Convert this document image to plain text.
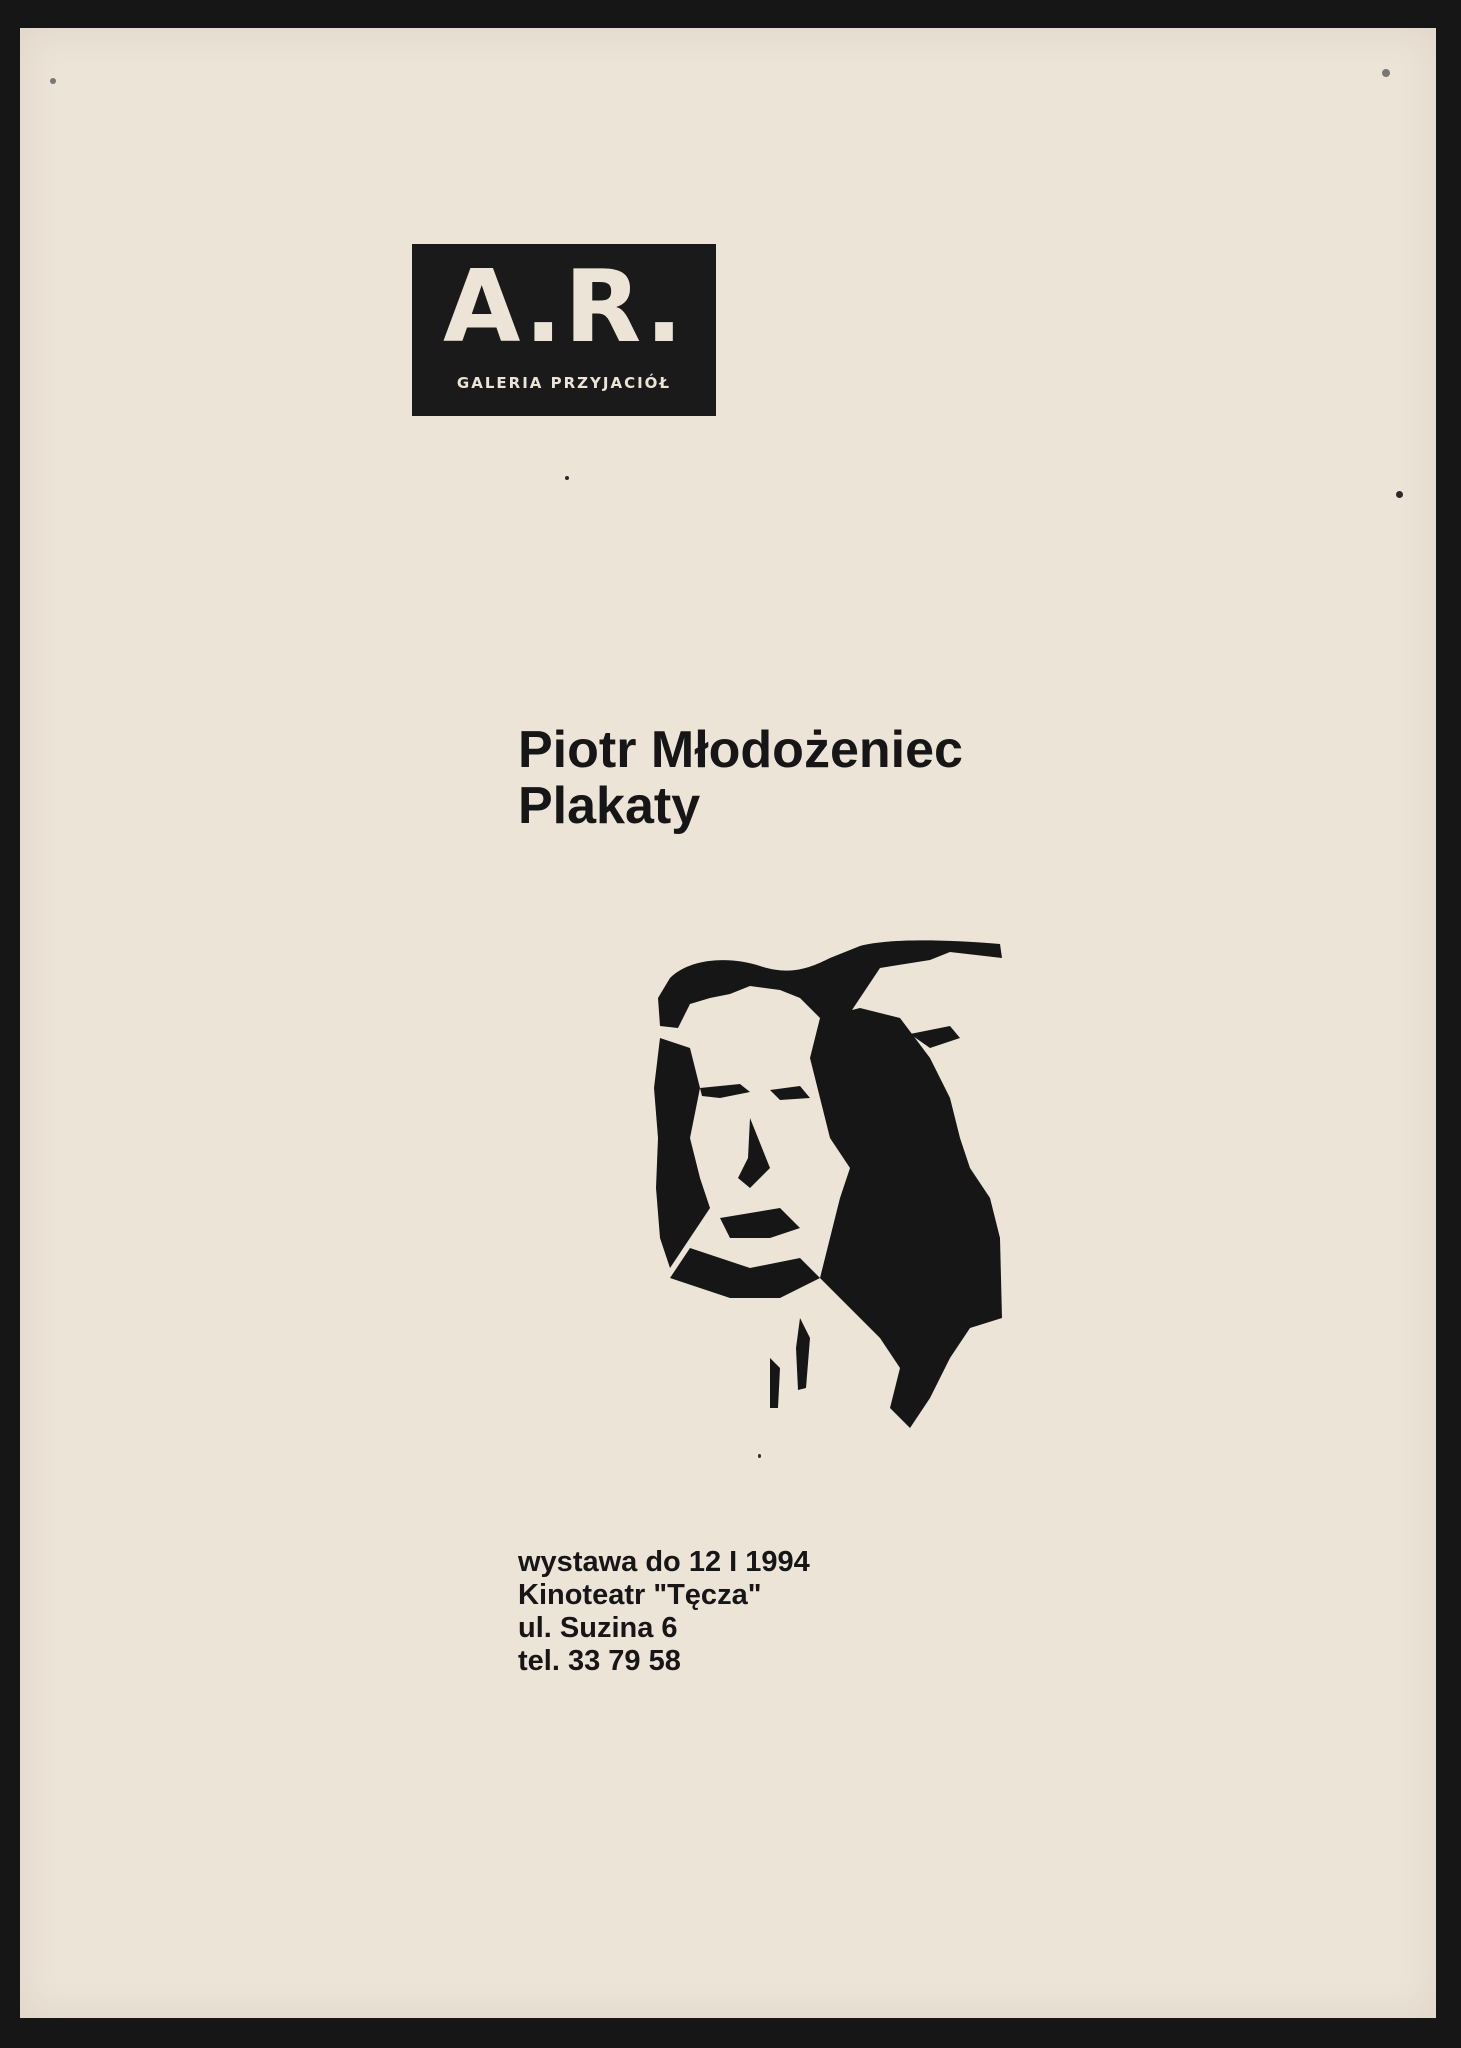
A.R.
GALERIA PRZYJACIÓŁ
Piotr Młodożeniec
Plakaty
wystawa do 12 I 1994
Kinoteatr "Tęcza"
ul. Suzina 6
tel. 33 79 58
